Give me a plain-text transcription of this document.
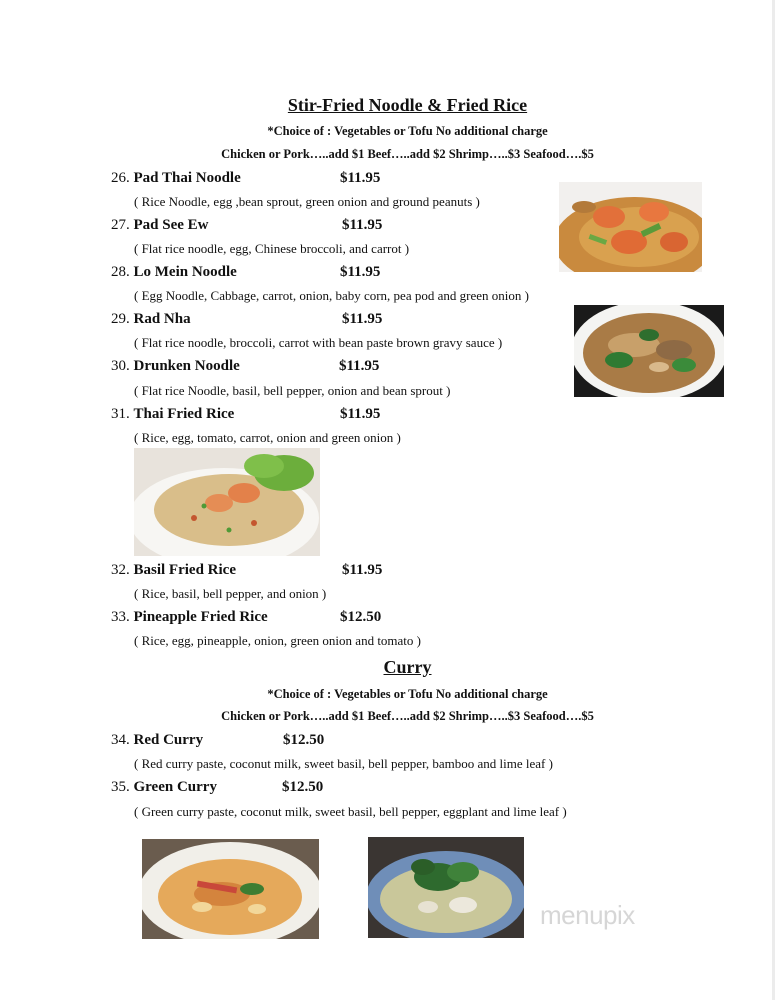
Stir-Fried Noodle & Fried Rice
*Choice of : Vegetables or Tofu No additional charge
Chicken or Pork…..add $1 Beef…..add $2 Shrimp…..$3 Seafood….$5
26. Pad Thai Noodle	$11.95
( Rice Noodle, egg ,bean sprout, green onion and ground peanuts )
27. Pad See Ew	$11.95
( Flat rice noodle, egg, Chinese broccoli, and carrot )
28. Lo Mein Noodle	$11.95
( Egg Noodle, Cabbage, carrot, onion, baby corn, pea pod and green onion )
29. Rad Nha	$11.95
( Flat rice noodle, broccoli, carrot with bean paste brown gravy sauce )
30. Drunken Noodle	$11.95
( Flat rice Noodle, basil, bell pepper, onion and bean sprout )
31. Thai Fried Rice	$11.95
( Rice, egg, tomato, carrot, onion and green onion )
32. Basil Fried Rice	$11.95
( Rice, basil, bell pepper, and onion )
33. Pineapple Fried Rice	$12.50
( Rice, egg, pineapple, onion, green onion and tomato )
Curry
*Choice of : Vegetables or Tofu No additional charge
Chicken or Pork…..add $1 Beef…..add $2 Shrimp…..$3 Seafood….$5
34. Red Curry	$12.50
( Red curry paste, coconut milk, sweet basil, bell pepper, bamboo and lime leaf )
35. Green Curry	$12.50
( Green curry paste, coconut milk, sweet basil, bell pepper, eggplant and lime leaf )
menupix
